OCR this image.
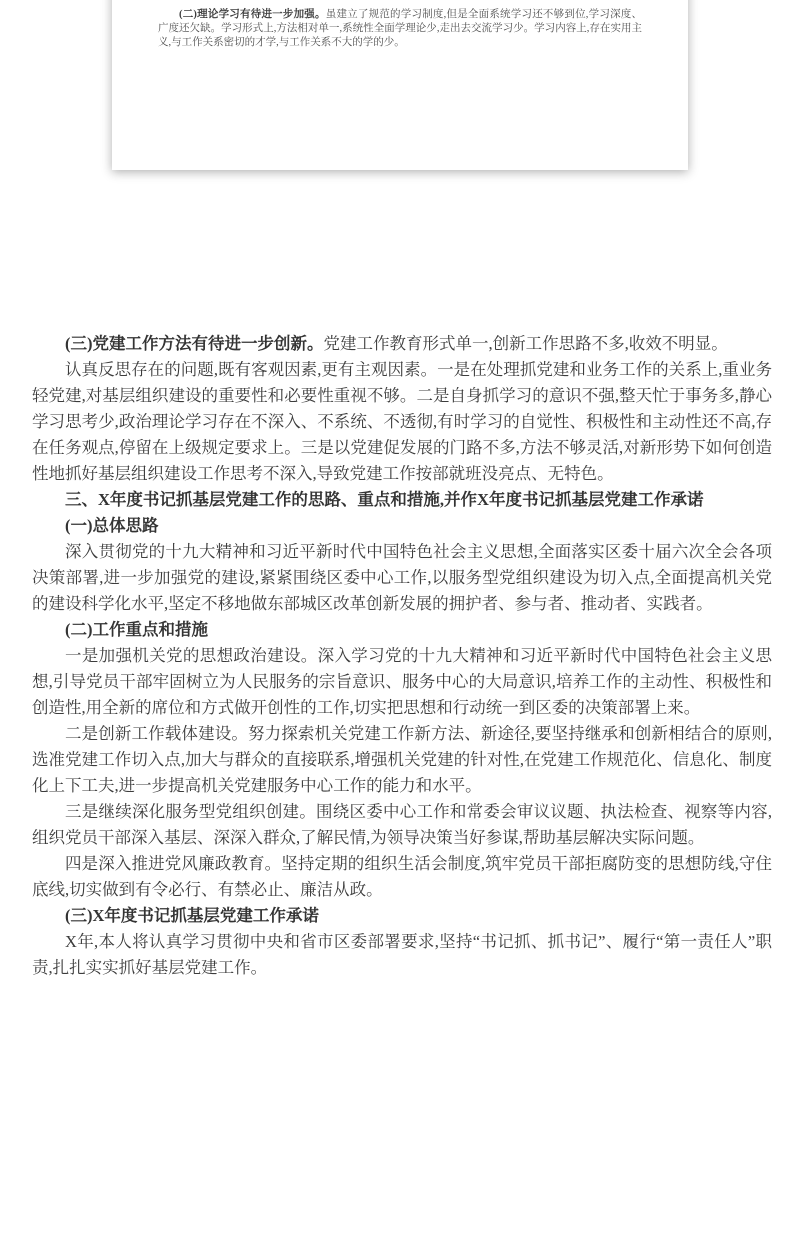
(二)理论学习有待进一步加强。虽建立了规范的学习制度,但是全面系统学习还不够到位,学习深度、广度还欠缺。学习形式上,方法相对单一,系统性全面学理论少,走出去交流学习少。学习内容上,存在实用主义,与工作关系密切的才学,与工作关系不大的学的少。

(三)党建工作方法有待进一步创新。党建工作教育形式单一,创新工作思路不多,收效不明显。

认真反思存在的问题,既有客观因素,更有主观因素。一是在处理抓党建和业务工作的关系上,重业务轻党建,对基层组织建设的重要性和必要性重视不够。二是自身抓学习的意识不强,整天忙于事务多,静心学习思考少,政治理论学习存在不深入、不系统、不透彻,有时学习的自觉性、积极性和主动性还不高,存在任务观点,停留在上级规定要求上。三是以党建促发展的门路不多,方法不够灵活,对新形势下如何创造性地抓好基层组织建设工作思考不深入,导致党建工作按部就班没亮点、无特色。

三、X年度书记抓基层党建工作的思路、重点和措施,并作X年度书记抓基层党建工作承诺

(一)总体思路

深入贯彻党的十九大精神和习近平新时代中国特色社会主义思想,全面落实区委十届六次全会各项决策部署,进一步加强党的建设,紧紧围绕区委中心工作,以服务型党组织建设为切入点,全面提高机关党的建设科学化水平,坚定不移地做东部城区改革创新发展的拥护者、参与者、推动者、实践者。

(二)工作重点和措施

一是加强机关党的思想政治建设。深入学习党的十九大精神和习近平新时代中国特色社会主义思想,引导党员干部牢固树立为人民服务的宗旨意识、服务中心的大局意识,培养工作的主动性、积极性和创造性,用全新的席位和方式做开创性的工作,切实把思想和行动统一到区委的决策部署上来。

二是创新工作载体建设。努力探索机关党建工作新方法、新途径,要坚持继承和创新相结合的原则,选准党建工作切入点,加大与群众的直接联系,增强机关党建的针对性,在党建工作规范化、信息化、制度化上下工夫,进一步提高机关党建服务中心工作的能力和水平。

三是继续深化服务型党组织创建。围绕区委中心工作和常委会审议议题、执法检查、视察等内容,组织党员干部深入基层、深深入群众,了解民情,为领导决策当好参谋,帮助基层解决实际问题。

四是深入推进党风廉政教育。坚持定期的组织生活会制度,筑牢党员干部拒腐防变的思想防线,守住底线,切实做到有令必行、有禁必止、廉洁从政。

(三)X年度书记抓基层党建工作承诺

X年,本人将认真学习贯彻中央和省市区委部署要求,坚持“书记抓、抓书记”、履行“第一责任人”职责,扎扎实实抓好基层党建工作。
